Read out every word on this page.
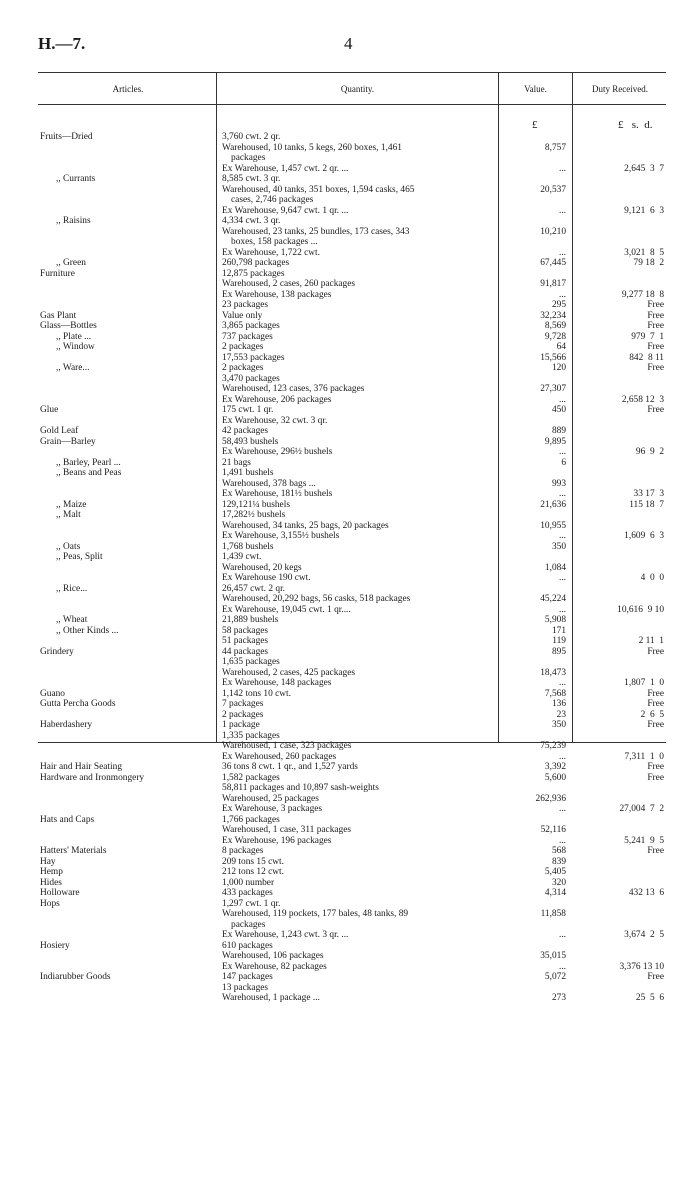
H.—7.	4
Articles.	Quantity.	Value.	Duty Received.
£	£   s.  d.
Fruits—Dried	3,760 cwt. 2 qr.
Warehoused, 10 tanks, 5 kegs, 260 boxes, 1,461	8,757
packages
Ex Warehouse, 1,457 cwt. 2 qr. ...	...	2,645  3  7
,, Currants	8,585 cwt. 3 qr.
Warehoused, 40 tanks, 351 boxes, 1,594 casks, 465	20,537
cases, 2,746 packages
Ex Warehouse, 9,647 cwt. 1 qr. ...	...	9,121  6  3
,, Raisins	4,334 cwt. 3 qr.
Warehoused, 23 tanks, 25 bundles, 173 cases, 343	10,210
boxes, 158 packages ...
Ex Warehouse, 1,722 cwt.	...	3,021  8  5
,, Green	260,798 packages	67,445	79 18  2
Furniture	12,875 packages
Warehoused, 2 cases, 260 packages	91,817
Ex Warehouse, 138 packages	...	9,277 18  8
23 packages	295	Free
Gas Plant	Value only	32,234	Free
Glass—Bottles	3,865 packages	8,569	Free
,, Plate ...	737 packages	9,728	979  7  1
,, Window	2 packages	64	Free
17,553 packages	15,566	842  8 11
,, Ware...	2 packages	120	Free
3,470 packages
Warehoused, 123 cases, 376 packages	27,307
Ex Warehouse, 206 packages	...	2,658 12  3
Glue	175 cwt. 1 qr.	450	Free
Ex Warehouse, 32 cwt. 3 qr.
Gold Leaf	42 packages	889
Grain—Barley	58,493 bushels	9,895
Ex Warehouse, 296½ bushels	...	96  9  2
,, Barley, Pearl ...	21 bags	6
,, Beans and Peas	1,491 bushels
Warehoused, 378 bags ...	993
Ex Warehouse, 181½ bushels	...	33 17  3
,, Maize	129,121¼ bushels	21,636	115 18  7
,, Malt	17,282½ bushels
Warehoused, 34 tanks, 25 bags, 20 packages	10,955
Ex Warehouse, 3,155½ bushels	...	1,609  6  3
,, Oats	1,768 bushels	350
,, Peas, Split	1,439 cwt.
Warehoused, 20 kegs	1,084
Ex Warehouse 190 cwt.	...	4  0  0
,, Rice...	26,457 cwt. 2 qr.
Warehoused, 20,292 bags, 56 casks, 518 packages	45,224
Ex Warehouse, 19,045 cwt. 1 qr....	...	10,616  9 10
,, Wheat	21,889 bushels	5,908
,, Other Kinds ...	58 packages	171
51 packages	119	2 11  1
Grindery	44 packages	895	Free
1,635 packages
Warehoused, 2 cases, 425 packages	18,473
Ex Warehouse, 148 packages	...	1,807  1  0
Guano	1,142 tons 10 cwt.	7,568	Free
Gutta Percha Goods	7 packages	136	Free
2 packages	23	2  6  5
Haberdashery	1 package	350	Free
1,335 packages
Warehoused, 1 case, 323 packages	75,239
Ex Warehoused, 260 packages	...	7,311  1  0
Hair and Hair Seating	36 tons 8 cwt. 1 qr., and 1,527 yards	3,392	Free
Hardware and Ironmongery	1,582 packages	5,600	Free
58,811 packages and 10,897 sash-weights
Warehoused, 25 packages	262,936
Ex Warehouse, 3 packages	...	27,004  7  2
Hats and Caps	1,766 packages
Warehoused, 1 case, 311 packages	52,116
Ex Warehouse, 196 packages	...	5,241  9  5
Hatters' Materials	8 packages	568	Free
Hay	209 tons 15 cwt.	839
Hemp	212 tons 12 cwt.	5,405
Hides	1,000 number	320
Holloware	433 packages	4,314	432 13  6
Hops	1,297 cwt. 1 qr.
Warehoused, 119 pockets, 177 bales, 48 tanks, 89	11,858
packages
Ex Warehouse, 1,243 cwt. 3 qr. ...	...	3,674  2  5
Hosiery	610 packages
Warehoused, 106 packages	35,015
Ex Warehouse, 82 packages	...	3,376 13 10
Indiarubber Goods	147 packages	5,072	Free
13 packages
Warehoused, 1 package ...	273	25  5  6
